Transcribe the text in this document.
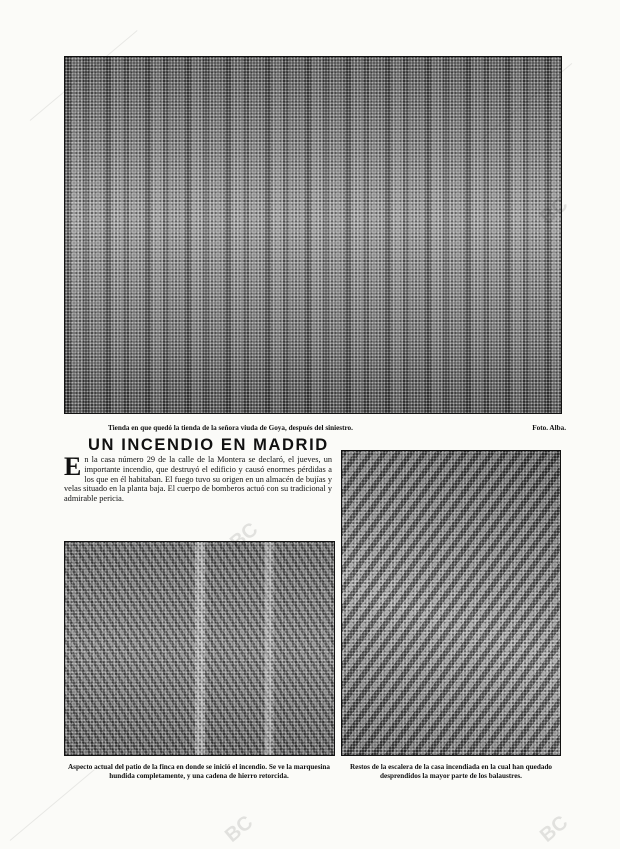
Tienda en que quedó la tienda de la señora viuda de Goya, después del siniestro.	Foto. Alba.

UN INCENDIO EN MADRID

En la casa número 29 de la calle de la Montera se declaró, el jueves, un importante incendio, que destruyó el edificio y causó enormes pérdidas a los que en él habitaban. El fuego tuvo su origen en un almacén de bujías y velas situado en la planta baja. El cuerpo de bomberos actuó con su tradicional y admirable pericia.

Aspecto actual del patio de la finca en donde se inició el incendio. Se ve la marquesina hundida completamente, y una cadena de hierro retorcida.

Restos de la escalera de la casa incendiada en la cual han quedado desprendidos la mayor parte de los balaustres.

BC
BC
BC	BC
